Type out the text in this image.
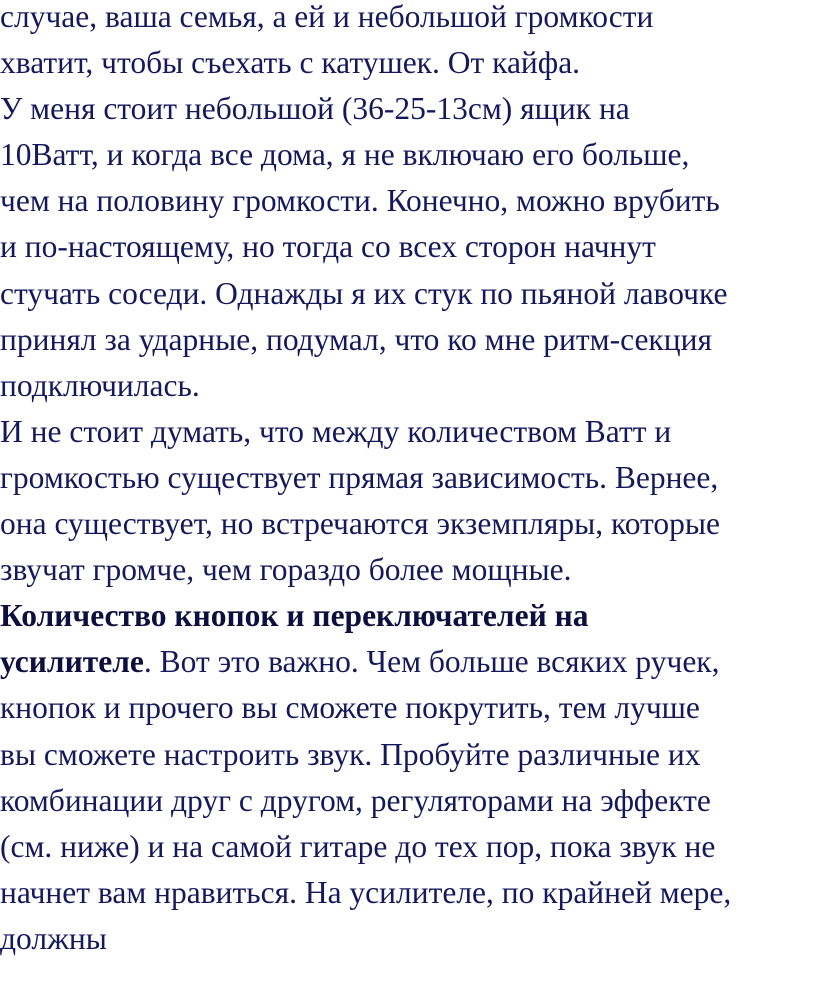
случае, ваша семья, а ей и небольшой громкости
хватит, чтобы съехать с катушек. От кайфа.
У меня стоит небольшой (36-25-13см) ящик на
10Ватт, и когда все дома, я не включаю его больше,
чем на половину громкости. Конечно, можно врубить
и по-настоящему, но тогда со всех сторон начнут
стучать соседи. Однажды я их стук по пьяной лавочке
принял за ударные, подумал, что ко мне ритм-секция
подключилась.
И не стоит думать, что между количеством Ватт и
громкостью существует прямая зависимость. Вернее,
она существует, но встречаются экземпляры, которые
звучат громче, чем гораздо более мощные.
Количество кнопок и переключателей на
усилителе. Вот это важно. Чем больше всяких ручек,
кнопок и прочего вы сможете покрутить, тем лучше
вы сможете настроить звук. Пробуйте различные их
комбинации друг с другом, регуляторами на эффекте
(см. ниже) и на самой гитаре до тех пор, пока звук не
начнет вам нравиться. На усилителе, по крайней мере,
должны
